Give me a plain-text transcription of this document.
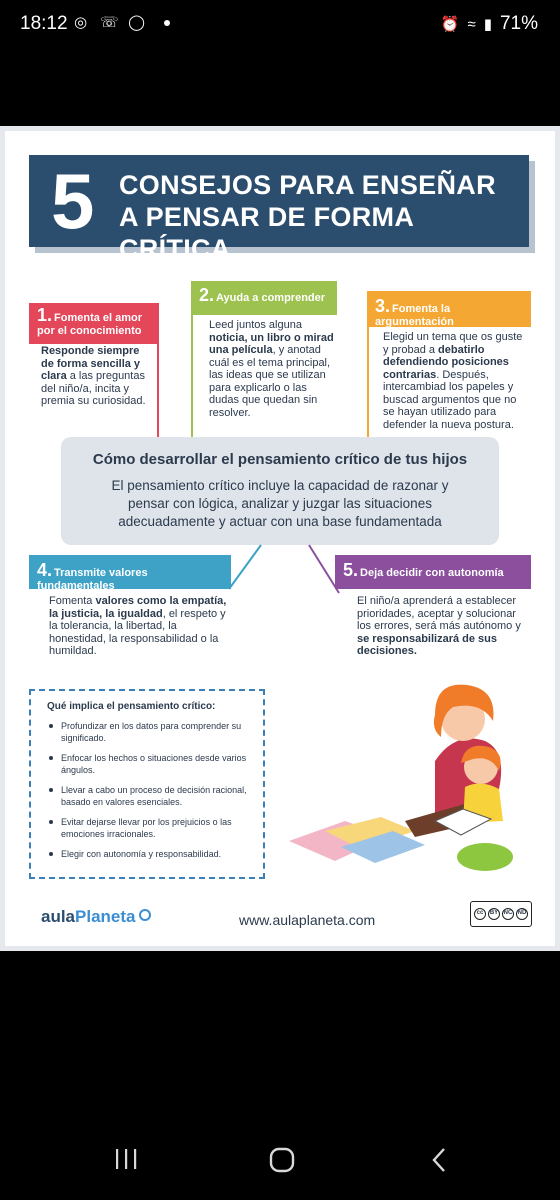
18:12 ◎ ☏ ◯	⏰ ≈ ▮ 71%
5 CONSEJOS PARA ENSEÑAR
A PENSAR DE FORMA CRÍTICA
1. Fomenta el amor por el conocimiento
Responde siempre de forma sencilla y clara a las preguntas del niño/a, incita y premia su curiosidad.
2. Ayuda a comprender
Leed juntos alguna noticia, un libro o mirad una película, y anotad cuál es el tema principal, las ideas que se utilizan para explicarlo o las dudas que quedan sin resolver.
3. Fomenta la argumentación
Elegid un tema que os guste y probad a debatirlo defendiendo posiciones contrarias. Después, intercambiad los papeles y buscad argumentos que no se hayan utilizado para defender la nueva postura.
Cómo desarrollar el pensamiento crítico de tus hijos
El pensamiento crítico incluye la capacidad de razonar y pensar con lógica, analizar y juzgar las situaciones adecuadamente y actuar con una base fundamentada
4. Transmite valores fundamentales
Fomenta valores como la empatía, la justicia, la igualdad, el respeto y la tolerancia, la libertad, la honestidad, la responsabilidad o la humildad.
5. Deja decidir con autonomía
El niño/a aprenderá a establecer prioridades, aceptar y solucionar los errores, será más autónomo y se responsabilizará de sus decisiones.
Qué implica el pensamiento crítico:
Profundizar en los datos para comprender su significado.
Enfocar los hechos o situaciones desde varios ángulos.
Llevar a cabo un proceso de decisión racional, basado en valores esenciales.
Evitar dejarse llevar por los prejuicios o las emociones irracionales.
Elegir con autonomía y responsabilidad.
aulaPlaneta	www.aulaplaneta.com	cc	BY NC ND
